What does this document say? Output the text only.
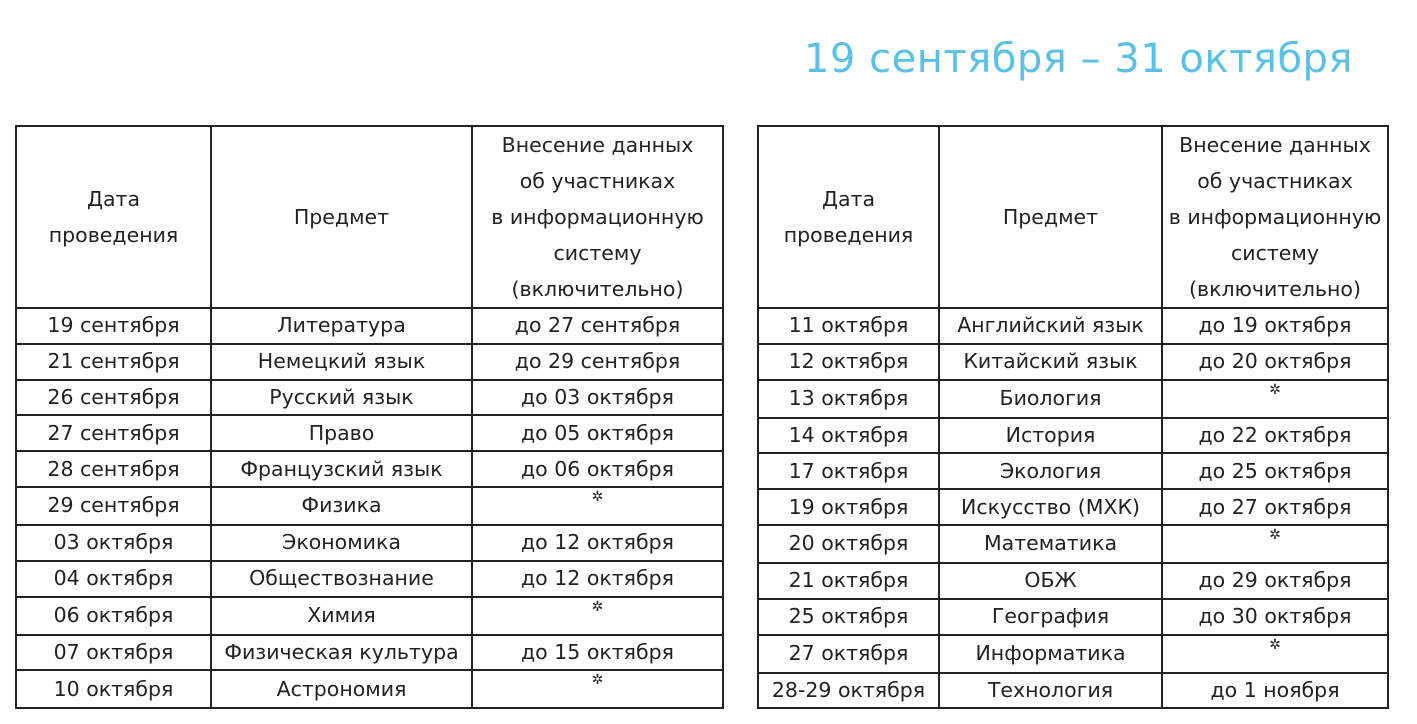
19 сентября – 31 октября
Дата
проведения	Предмет	Внесение данных
об участниках
в информационную
систему
(включительно)

19 сентября	Литература	до 27 сентября
21 сентября	Немецкий язык	до 29 сентября
26 сентября	Русский язык	до 03 октября
27 сентября	Право	до 05 октября
28 сентября	Французский язык	до 06 октября
29 сентября	Физика	✲
03 октября	Экономика	до 12 октября
04 октября	Обществознание	до 12 октября
06 октября	Химия	✲
07 октября	Физическая культура	до 15 октября
10 октября	Астрономия	✲
Дата
проведения	Предмет	Внесение данных
об участниках
в информационную
систему
(включительно)

11 октября	Английский язык	до 19 октября
12 октября	Китайский язык	до 20 октября
13 октября	Биология	✲
14 октября	История	до 22 октября
17 октября	Экология	до 25 октября
19 октября	Искусство (МХК)	до 27 октября
20 октября	Математика	✲
21 октября	ОБЖ	до 29 октября
25 октября	География	до 30 октября
27 октября	Информатика	✲
28-29 октября	Технология	до 1 ноября
